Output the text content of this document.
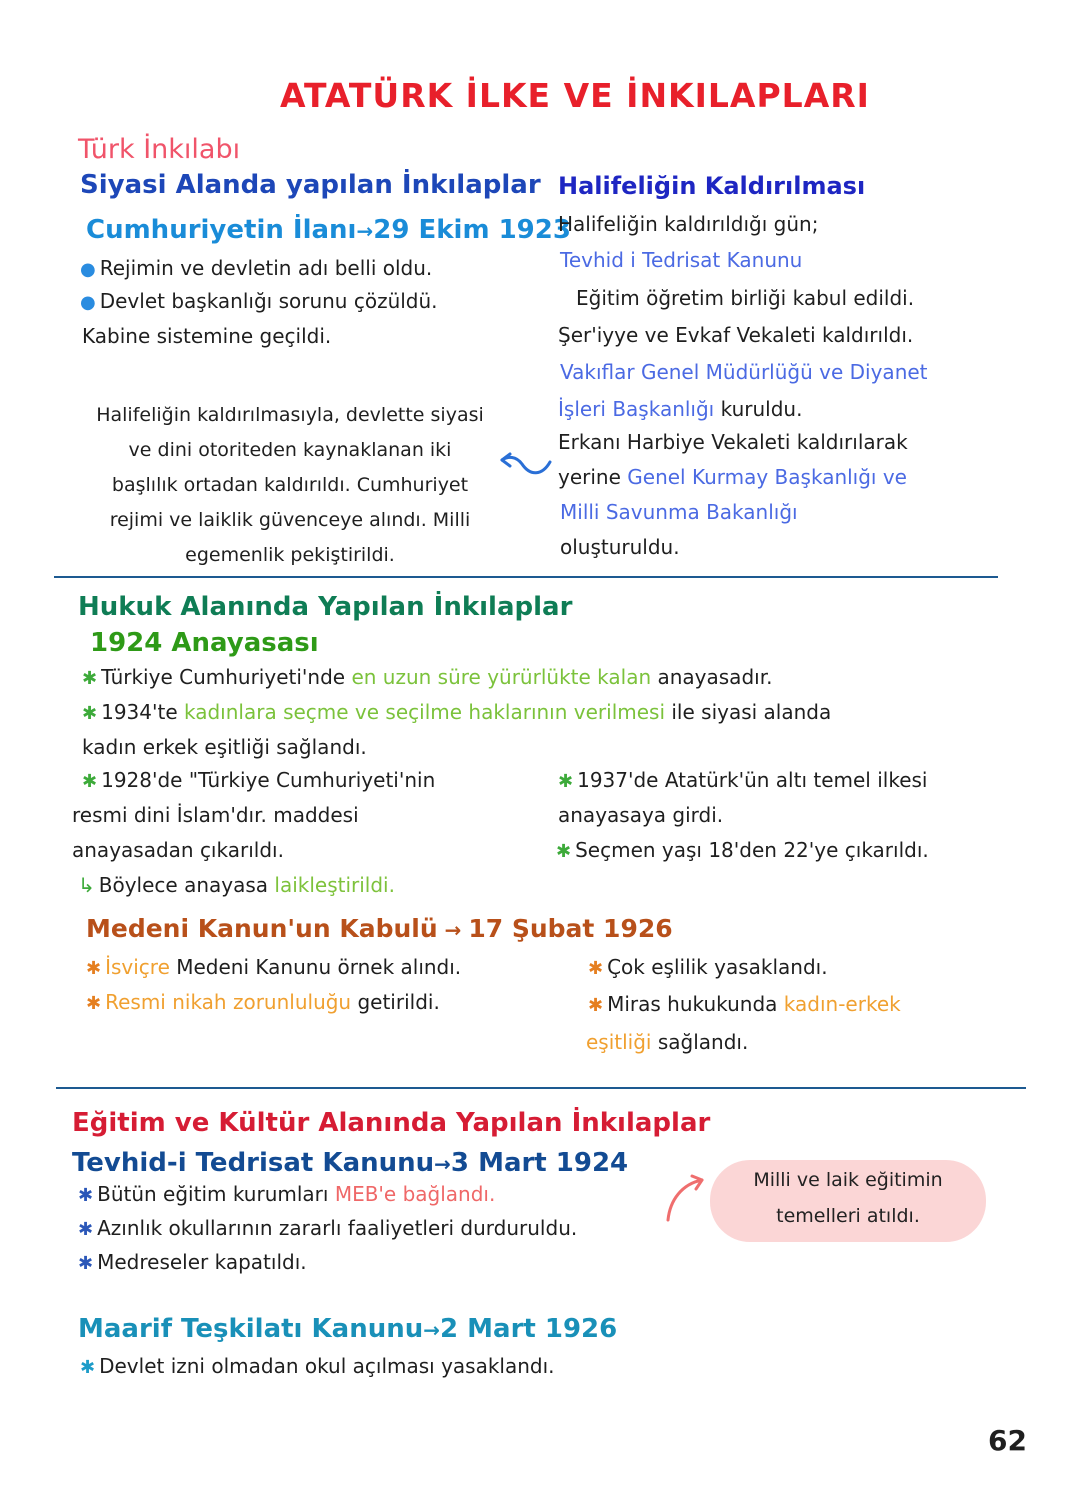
ATATÜRK İLKE VE İNKILAPLARI
Türk İnkılabı
Siyasi Alanda yapılan İnkılaplar
Cumhuriyetin İlanı→29 Ekim 1923
● Rejimin ve devletin adı belli oldu.
● Devlet başkanlığı sorunu çözüldü.
Kabine sistemine geçildi.
Halifeliğin kaldırılmasıyla, devlette siyasi
ve dini otoriteden kaynaklanan iki
başlılık ortadan kaldırıldı. Cumhuriyet
rejimi ve laiklik güvenceye alındı. Milli
egemenlik pekiştirildi.
Halifeliğin Kaldırılması
Halifeliğin kaldırıldığı gün;
Tevhid i Tedrisat Kanunu
Eğitim öğretim birliği kabul edildi.
Şer'iyye ve Evkaf Vekaleti kaldırıldı.
Vakıflar Genel Müdürlüğü ve Diyanet
İşleri Başkanlığı kuruldu.
Erkanı Harbiye Vekaleti kaldırılarak
yerine Genel Kurmay Başkanlığı ve
Milli Savunma Bakanlığı
oluşturuldu.
Hukuk Alanında Yapılan İnkılaplar
1924 Anayasası
✱ Türkiye Cumhuriyeti'nde en uzun süre yürürlükte kalan anayasadır.
✱ 1934'te kadınlara seçme ve seçilme haklarının verilmesi ile siyasi alanda
kadın erkek eşitliği sağlandı.
✱ 1928'de "Türkiye Cumhuriyeti'nin
resmi dini İslam'dır. maddesi
anayasadan çıkarıldı.
↳ Böylece anayasa laikleştirildi.
✱ 1937'de Atatürk'ün altı temel ilkesi
anayasaya girdi.
✱ Seçmen yaşı 18'den 22'ye çıkarıldı.
Medeni Kanun'un Kabulü → 17 Şubat 1926
✱ İsviçre Medeni Kanunu örnek alındı.
✱ Resmi nikah zorunluluğu getirildi.
✱ Çok eşlilik yasaklandı.
✱ Miras hukukunda kadın-erkek
eşitliği sağlandı.
Eğitim ve Kültür Alanında Yapılan İnkılaplar
Tevhid-i Tedrisat Kanunu→3 Mart 1924
✱ Bütün eğitim kurumları MEB'e bağlandı.
✱ Azınlık okullarının zararlı faaliyetleri durduruldu.
✱ Medreseler kapatıldı.
Milli ve laik eğitimin
temelleri atıldı.
Maarif Teşkilatı Kanunu→2 Mart 1926
✱ Devlet izni olmadan okul açılması yasaklandı.
62
